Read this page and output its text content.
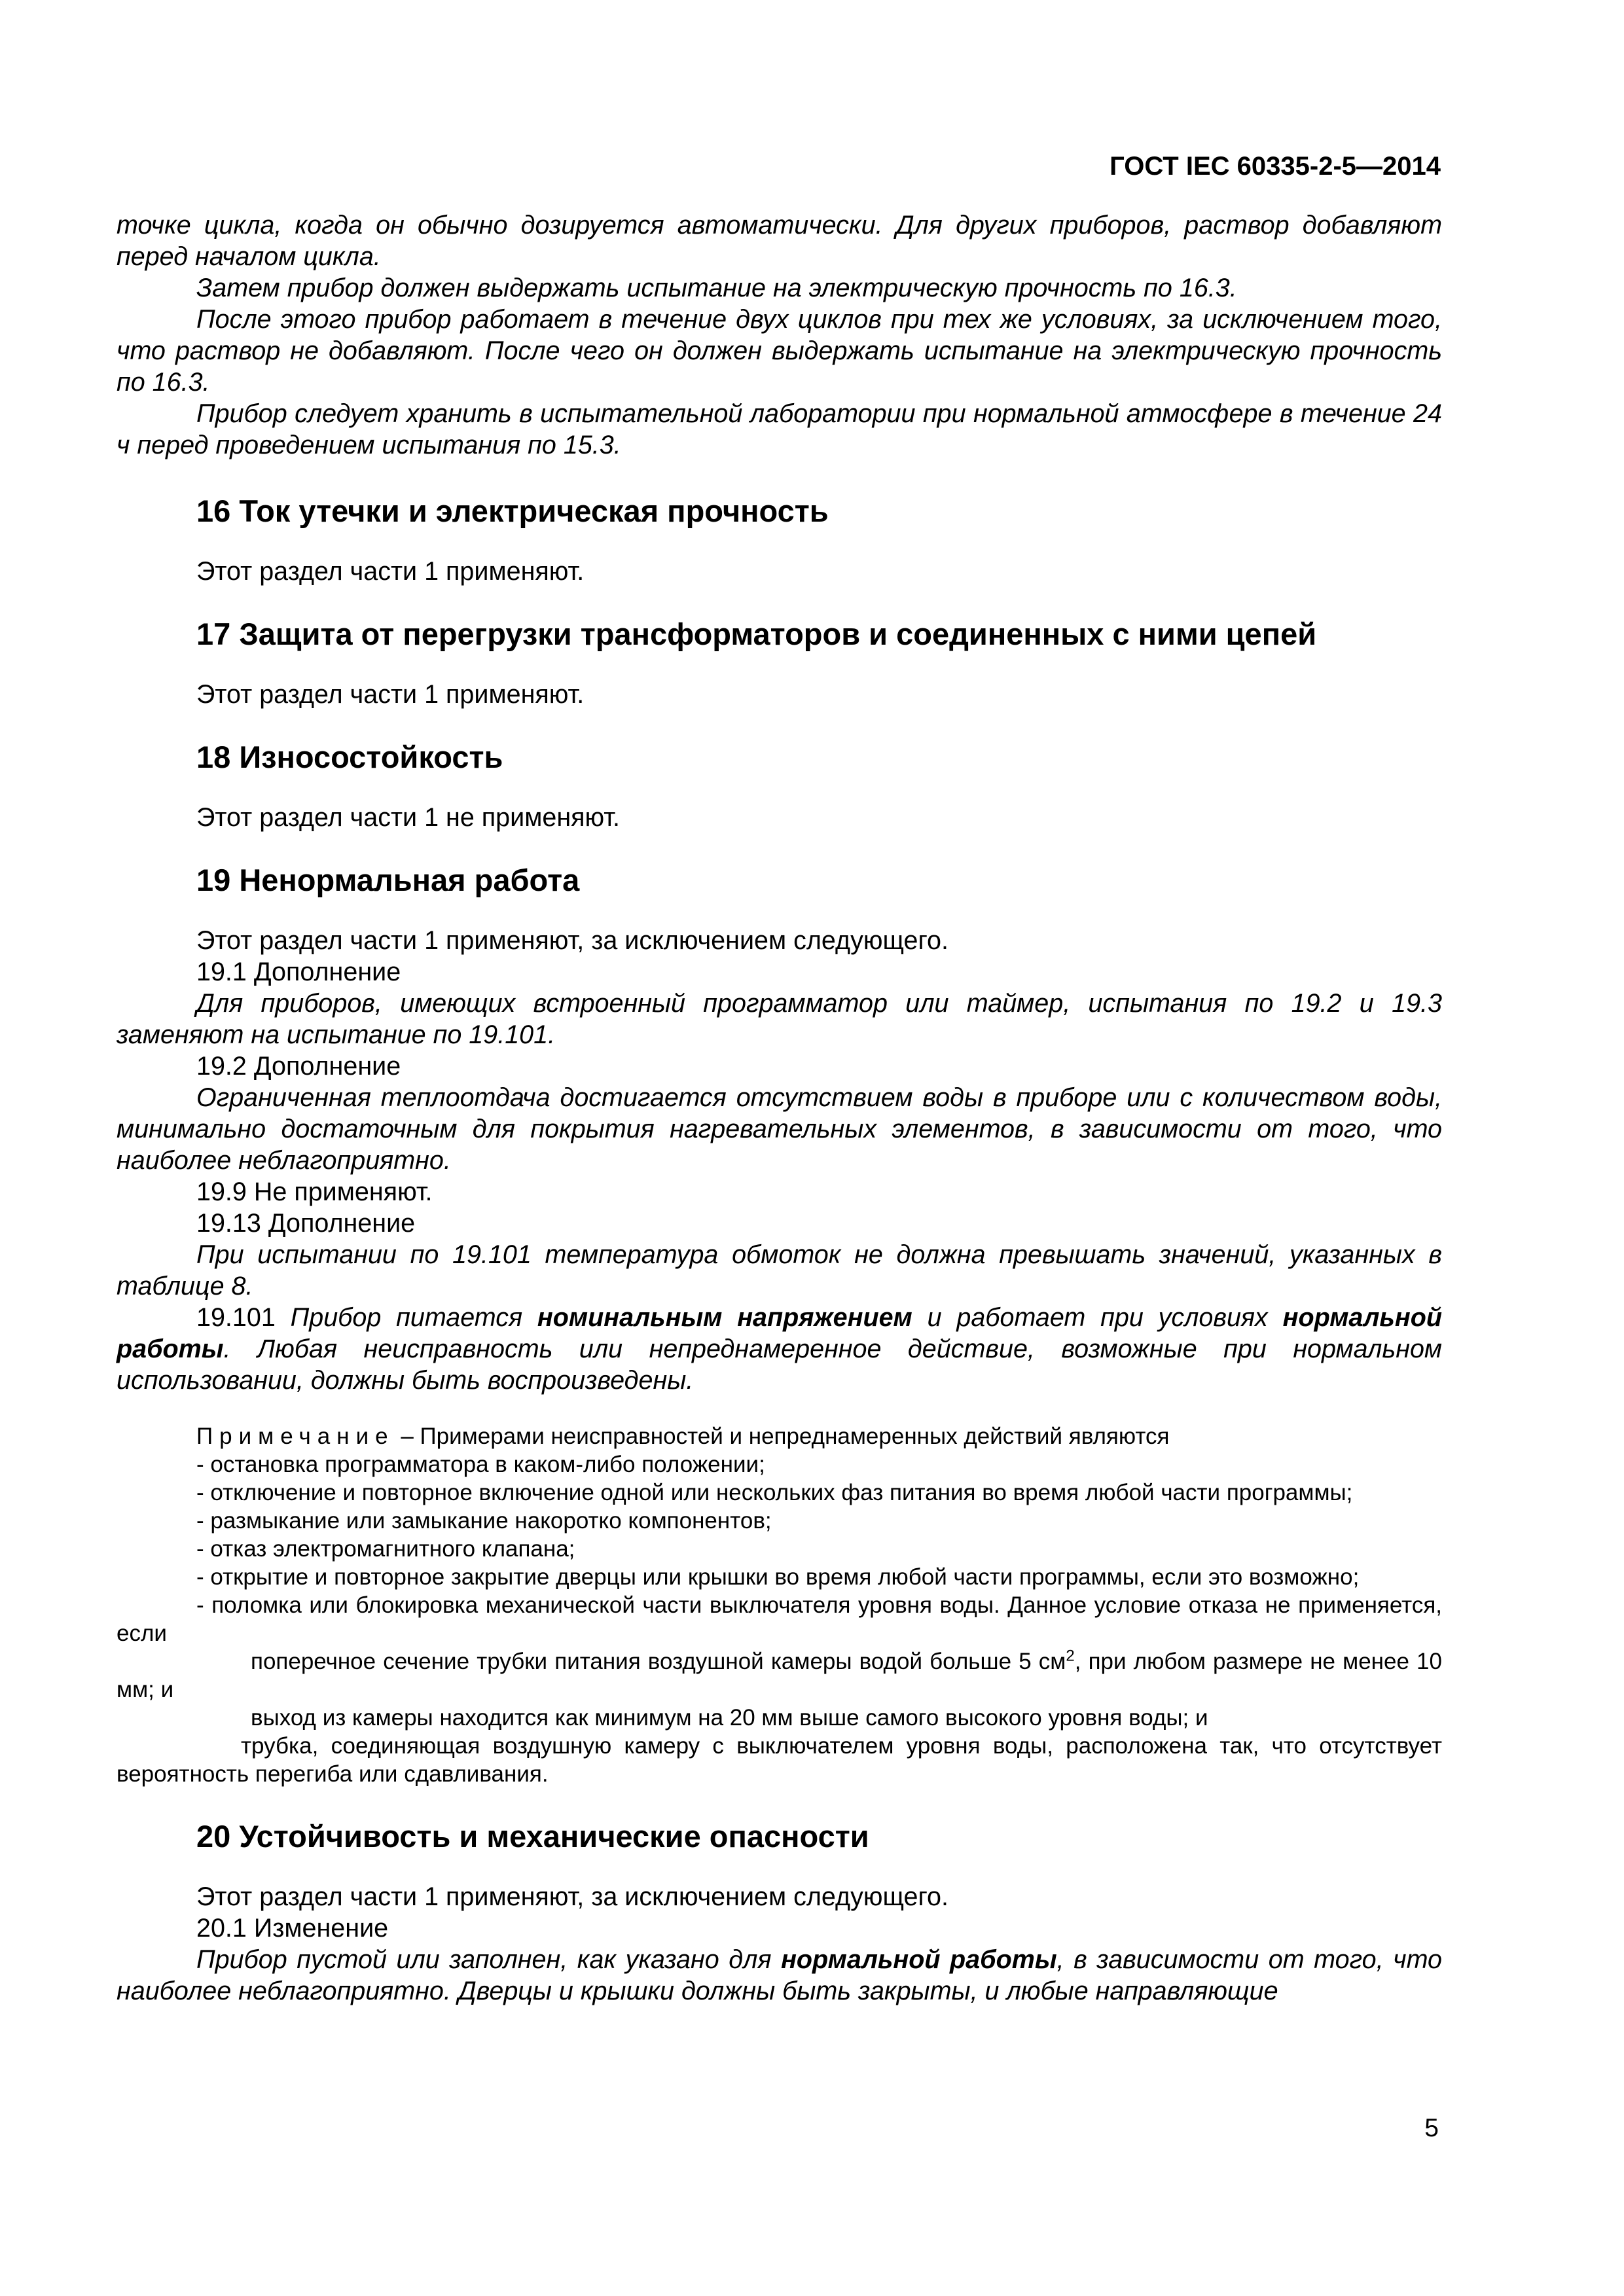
ГОСТ IEC 60335-2-5—2014

точке цикла, когда он обычно дозируется автоматически. Для других приборов, раствор добавляют перед началом цикла.

Затем прибор должен выдержать испытание на электрическую прочность по 16.3.

После этого прибор работает в течение двух циклов при тех же условиях, за исключением того, что раствор не добавляют. После чего он должен выдержать испытание на электрическую прочность по 16.3.

Прибор следует хранить в испытательной лаборатории при нормальной атмосфере в течение 24 ч перед проведением испытания по 15.3.

16 Ток утечки и электрическая прочность

Этот раздел части 1 применяют.

17 Защита от перегрузки трансформаторов и соединенных с ними цепей

Этот раздел части 1 применяют.

18 Износостойкость

Этот раздел части 1 не применяют.

19 Ненормальная работа

Этот раздел части 1 применяют, за исключением следующего.

19.1 Дополнение

Для приборов, имеющих встроенный программатор или таймер, испытания по 19.2 и 19.3 заменяют на испытание по 19.101.

19.2 Дополнение

Ограниченная теплоотдача достигается отсутствием воды в приборе или с количеством воды, минимально достаточным для покрытия нагревательных элементов, в зависимости от того, что наиболее неблагоприятно.

19.9 Не применяют.

19.13 Дополнение

При испытании по 19.101 температура обмоток не должна превышать значений, указанных в таблице 8.

19.101 Прибор питается номинальным напряжением и работает при условиях нормальной работы. Любая неисправность или непреднамеренное действие, возможные при нормальном использовании, должны быть воспроизведены.

Примечание – Примерами неисправностей и непреднамеренных действий являются

- остановка программатора в каком-либо положении;

- отключение и повторное включение одной или нескольких фаз питания во время любой части программы;

- размыкание или замыкание накоротко компонентов;

- отказ электромагнитного клапана;

- открытие и повторное закрытие дверцы или крышки во время любой части программы, если это возможно;

- поломка или блокировка механической части выключателя уровня воды. Данное условие отказа не применяется, если

поперечное сечение трубки питания воздушной камеры водой больше 5 $см^2$, при любом размере не менее 10 мм; и

выход из камеры находится как минимум на 20 мм выше самого высокого уровня воды; и

трубка, соединяющая воздушную камеру с выключателем уровня воды, расположена так, что отсутствует вероятность перегиба или сдавливания.

20 Устойчивость и механические опасности

Этот раздел части 1 применяют, за исключением следующего.

20.1 Изменение

Прибор пустой или заполнен, как указано для нормальной работы, в зависимости от того, что наиболее неблагоприятно. Дверцы и крышки должны быть закрыты, и любые направляющие

5
